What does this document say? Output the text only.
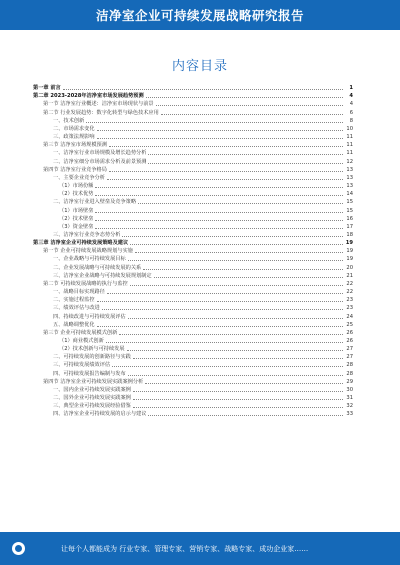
洁净室企业可持续发展战略研究报告
内容目录
第一章 前言	1
第二章 2023-2028年洁净室市场发展趋势预测	4
第一节 洁净室行业概述：洁净室市场现状与前景	4
第二节 行业发展趋势：数字化转型与绿色技术应用	6
一、技术创新	8
二、市场需求变化	10
三、政策法规影响	11
第三节 洁净室市场规模预测	11
一、洁净室行业市场规模及增长趋势分析	11
二、洁净室细分市场需求分析及前景预测	12
第四节 洁净室行业竞争格局	13
一、主要企业竞争分析	13
（1）市场份额	13
（2）技术优势	14
二、洁净室行业进入壁垒及竞争策略	15
（1）市场壁垒	15
（2）技术壁垒	16
（3）资金壁垒	17
三、洁净室行业竞争态势分析	18
第三章 洁净室企业可持续发展策略及建议	19
第一节 企业可持续发展战略规划与实施	19
一、企业战略与可持续发展目标	19
二、企业发展战略与可持续发展的关系	20
三、洁净室企业战略与可持续发展规划制定	21
第二节 可持续发展战略的执行与监控	22
一、战略目标实现路径	22
二、实施过程监控	23
三、绩效评估与改进	23
四、持续改进与可持续发展评估	24
五、战略调整优化	25
第三节 企业可持续发展模式创新	26
（1）商业模式创新	26
（2）技术创新与可持续发展	27
二、可持续发展的创新路径与实践	27
三、可持续发展绩效评估	28
四、可持续发展报告编制与发布	28
第四节 洁净室企业可持续发展实践案例分析	29
一、国内企业可持续发展实践案例	30
二、国外企业可持续发展实践案例	31
三、典型企业可持续发展经验借鉴	32
四、洁净室企业可持续发展的启示与建议	33
让每个人都能成为 行业专家、管理专家、营销专家、战略专家、成功企业家……
